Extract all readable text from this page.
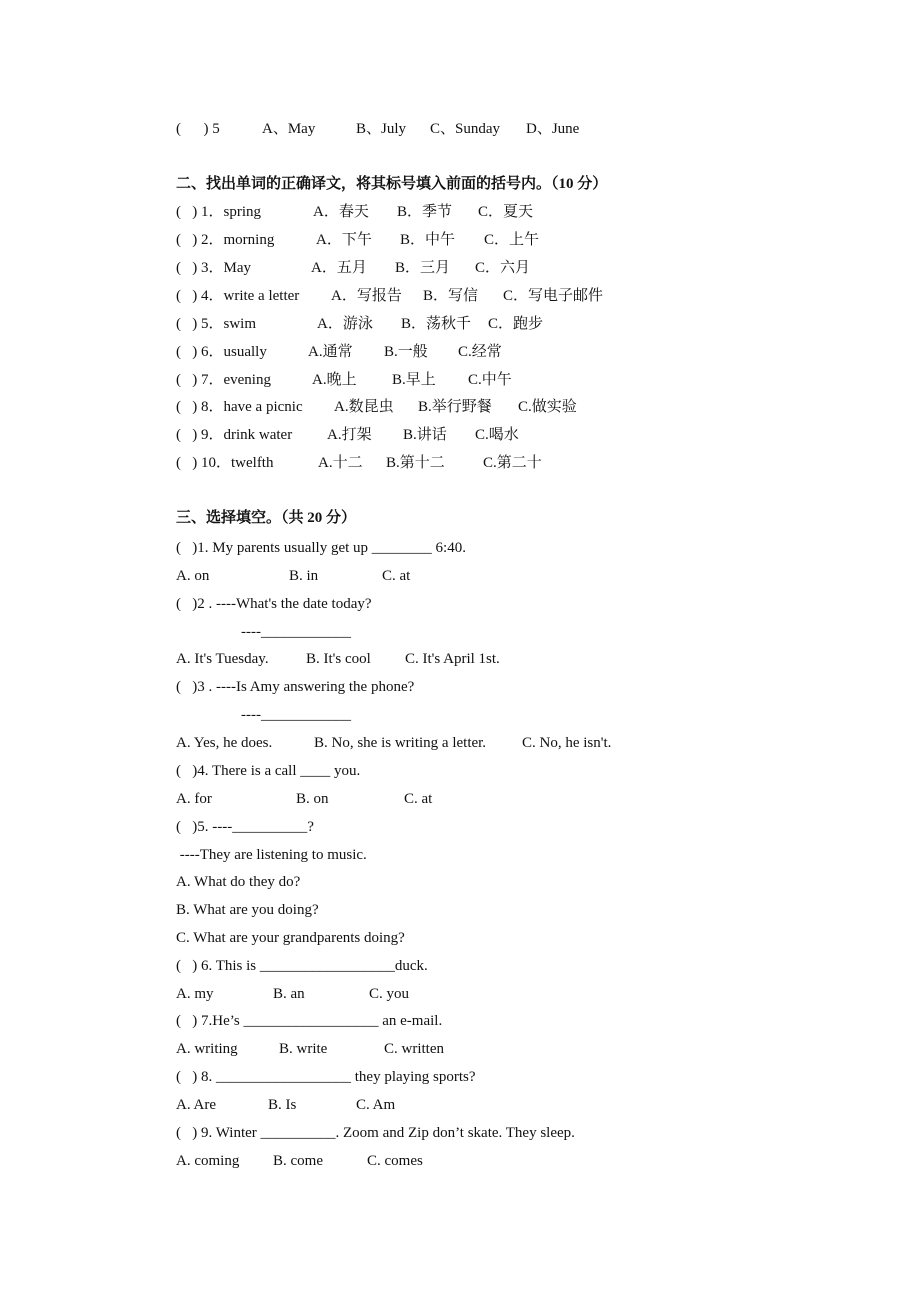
(      ) 5	A、May	B、July C、Sunday D、June
二、找出单词的正确译文，将其标号填入前面的括号内。（10 分）
(   ) 1．spring	A．春天 B．季节 C．夏天
(   ) 2．morning	A．下午 B．中午 C．上午
(   ) 3．May	A．五月 B．三月 C．六月
(   ) 4．write a letter A．写报告 B．写信 C．写电子邮件
(   ) 5．swim	A．游泳 B．荡秋千 C．跑步
(   ) 6．usually	A.通常 B.一般 C.经常
(   ) 7．evening	A.晚上 B.早上 C.中午
(   ) 8．have a picnic A.数昆虫 B.举行野餐 C.做实验
(   ) 9．drink water A.打架 B.讲话 C.喝水
(   ) 10．twelfth	A.十二 B.第十二	C.第二十
三、选择填空。（共 20 分）
(   )1. My parents usually get up ________ 6:40.
A. on	B. in	C. at
(   )2 . ----What's the date today?
----____________
A. It's Tuesday. B. It's cool C. It's April 1st.
(   )3 . ----Is Amy answering the phone?
----____________
A. Yes, he does.	B. No, she is writing a letter. C. No, he isn't.
(   )4. There is a call ____ you.
A. for	B. on	C. at
(   )5. ----__________?
----They are listening to music.
A. What do they do?
B. What are you doing?
C. What are your grandparents doing?
(   ) 6. This is __________________duck.
A. my	B. an	C. you
(   ) 7.He’s __________________ an e-mail.
A. writing	B. write	C. written
(   ) 8. __________________ they playing sports?
A. Are	B. Is	C. Am
(   ) 9. Winter __________. Zoom and Zip don’t skate. They sleep.
A. coming B. come	C. comes
